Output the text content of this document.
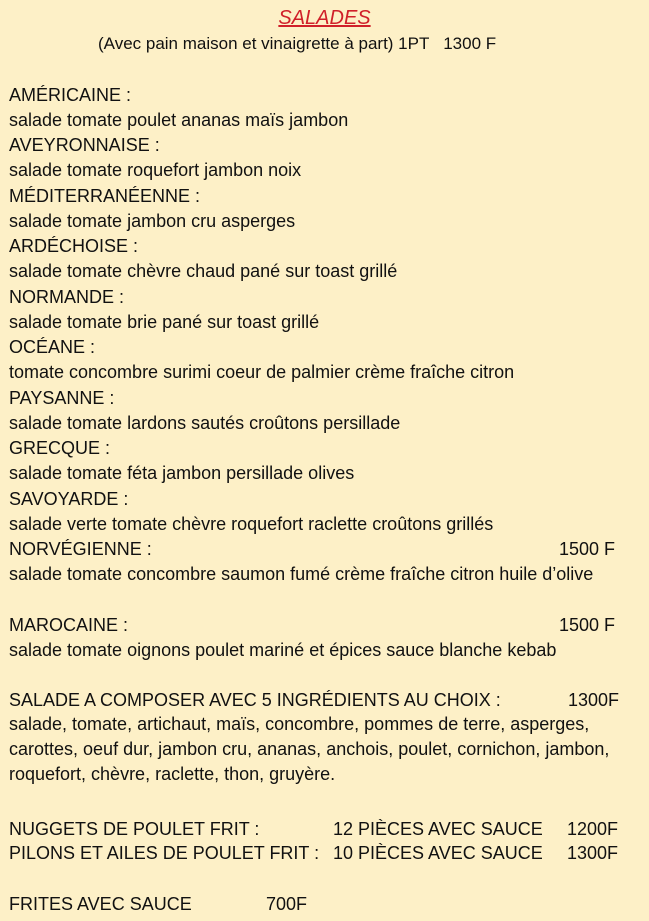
SALADES
(Avec pain maison et vinaigrette à part) 1PT   1300 F
AMÉRICAINE :
salade tomate poulet ananas maïs jambon
AVEYRONNAISE :
salade tomate roquefort jambon noix
MÉDITERRANÉENNE :
salade tomate jambon cru asperges
ARDÉCHOISE :
salade tomate chèvre chaud pané sur toast grillé
NORMANDE :
salade tomate brie pané sur toast grillé
OCÉANE :
tomate concombre surimi coeur de palmier crème fraîche citron
PAYSANNE :
salade tomate lardons sautés croûtons persillade
GRECQUE :
salade tomate féta jambon persillade olives
SAVOYARDE :
salade verte tomate chèvre roquefort raclette croûtons grillés
NORVÉGIENNE :	1500 F
salade tomate concombre saumon fumé crème fraîche citron huile d’olive
MAROCAINE :	1500 F
salade tomate oignons poulet mariné et épices sauce blanche kebab
SALADE A COMPOSER AVEC 5 INGRÉDIENTS AU CHOIX :	1300F
salade, tomate, artichaut, maïs, concombre, pommes de terre, asperges, carottes, oeuf dur, jambon cru, ananas, anchois, poulet, cornichon, jambon, roquefort, chèvre, raclette, thon, gruyère.
NUGGETS DE POULET FRIT :	12 PIÈCES AVEC SAUCE 1200F
PILONS ET AILES DE POULET FRIT : 10 PIÈCES AVEC SAUCE 1300F
FRITES AVEC SAUCE	700F
